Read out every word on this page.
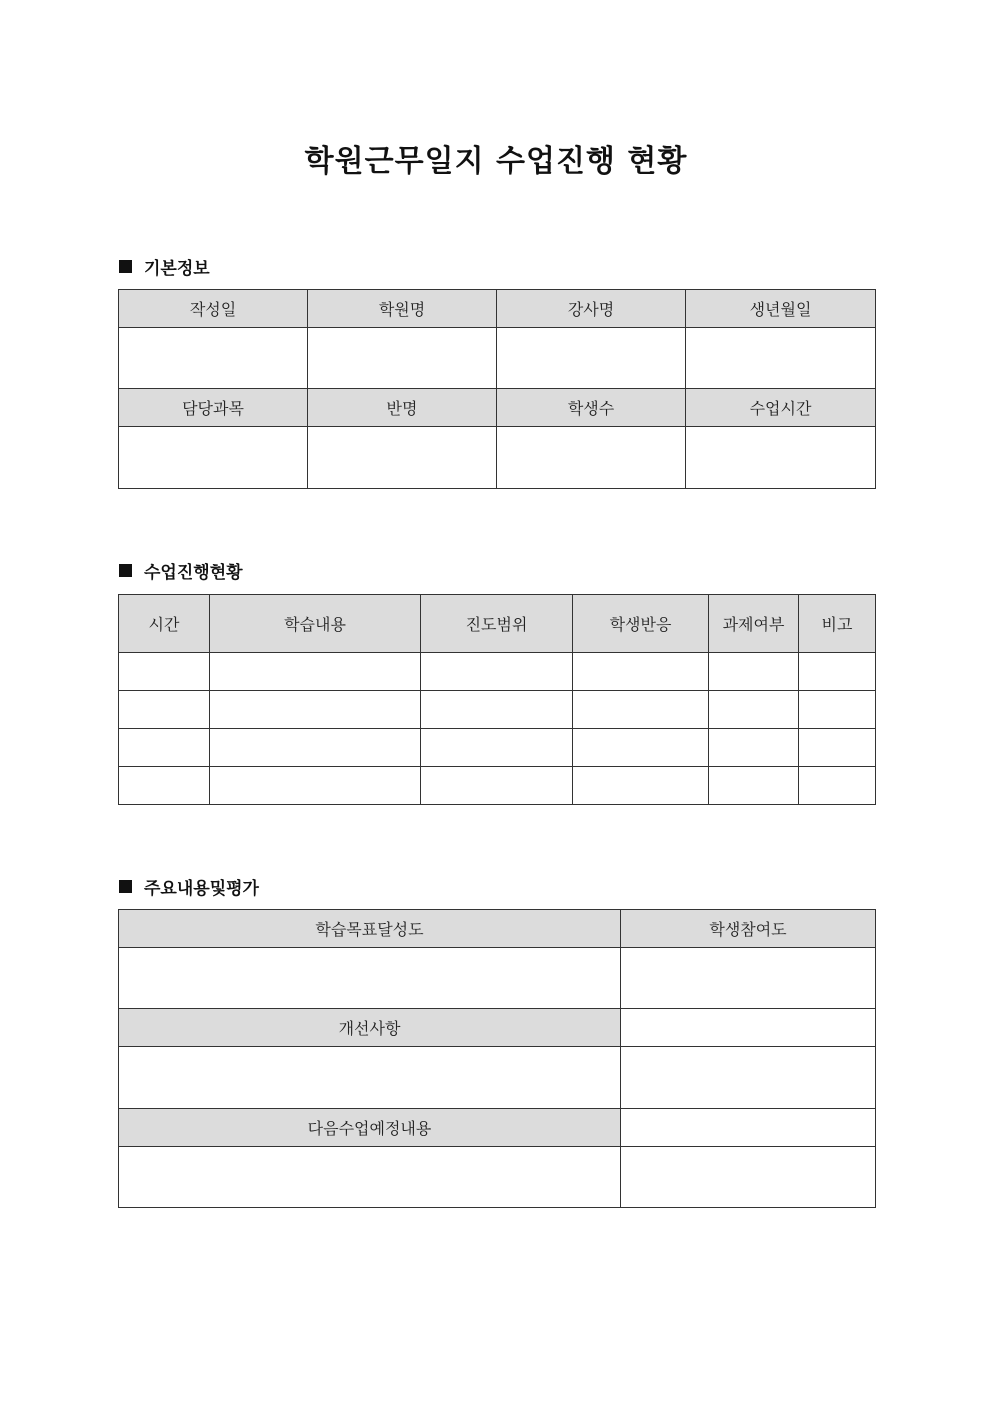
학원근무일지 수업진행 현황
기본정보
작성일	학원명	강사명	생년월일

담당과목	반명	학생수	수업시간

수업진행현황
시간	학습내용	진도범위	학생반응	과제여부	비고

주요내용및평가
학습목표달성도	학생참여도

개선사항	

다음수업예정내용	
